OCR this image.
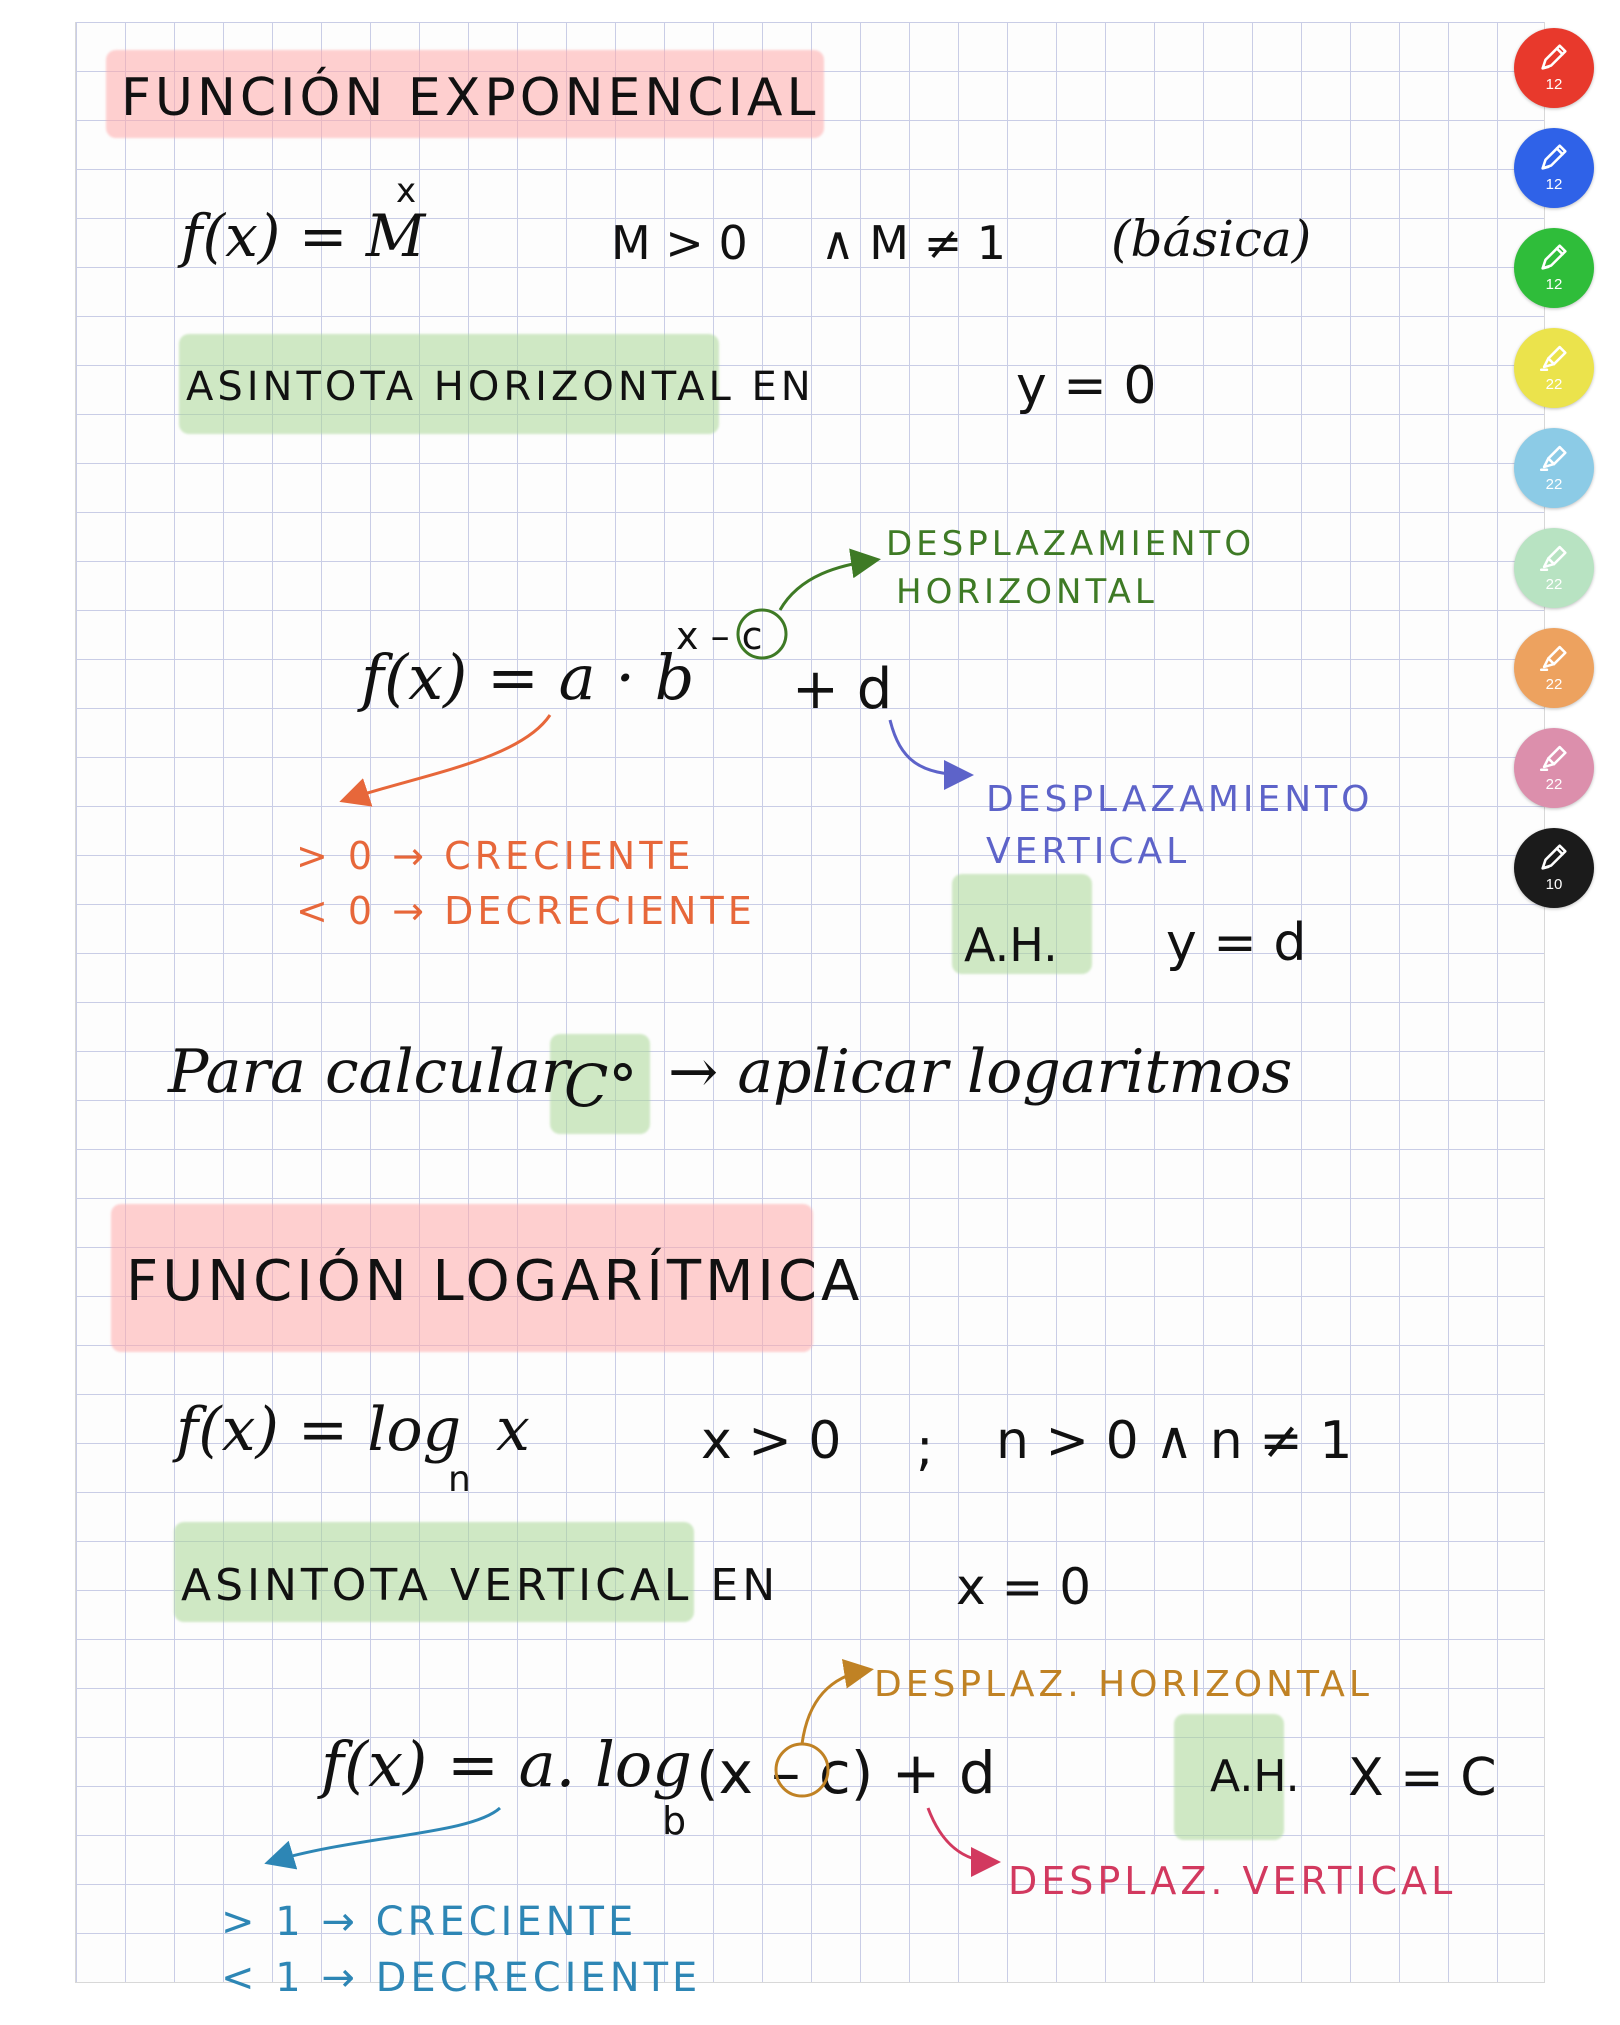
FUNCIÓN EXPONENCIAL
f(x) = M
x
M > 0 ∧ M ≠ 1 (básica)
ASINTOTA HORIZONTAL EN	y = 0
DESPLAZAMIENTO
HORIZONTAL
f(x) = a · b
x – c
+ d
DESPLAZAMIENTO
VERTICAL
> 0 → CRECIENTE
< 0 → DECRECIENTE
A.H. y = d
Para calcular
C° → aplicar logaritmos
FUNCIÓN LOGARÍTMICA
f(x) = log
n
x	x > 0 ; n > 0 ∧ n ≠ 1
ASINTOTA VERTICAL EN	x = 0
DESPLAZ. HORIZONTAL
f(x) = a. log
b
(x – c) + d	A.H. X = C
DESPLAZ. VERTICAL
> 1 → CRECIENTE
< 1 → DECRECIENTE
12
12
12
22
22
22
22
22
10
